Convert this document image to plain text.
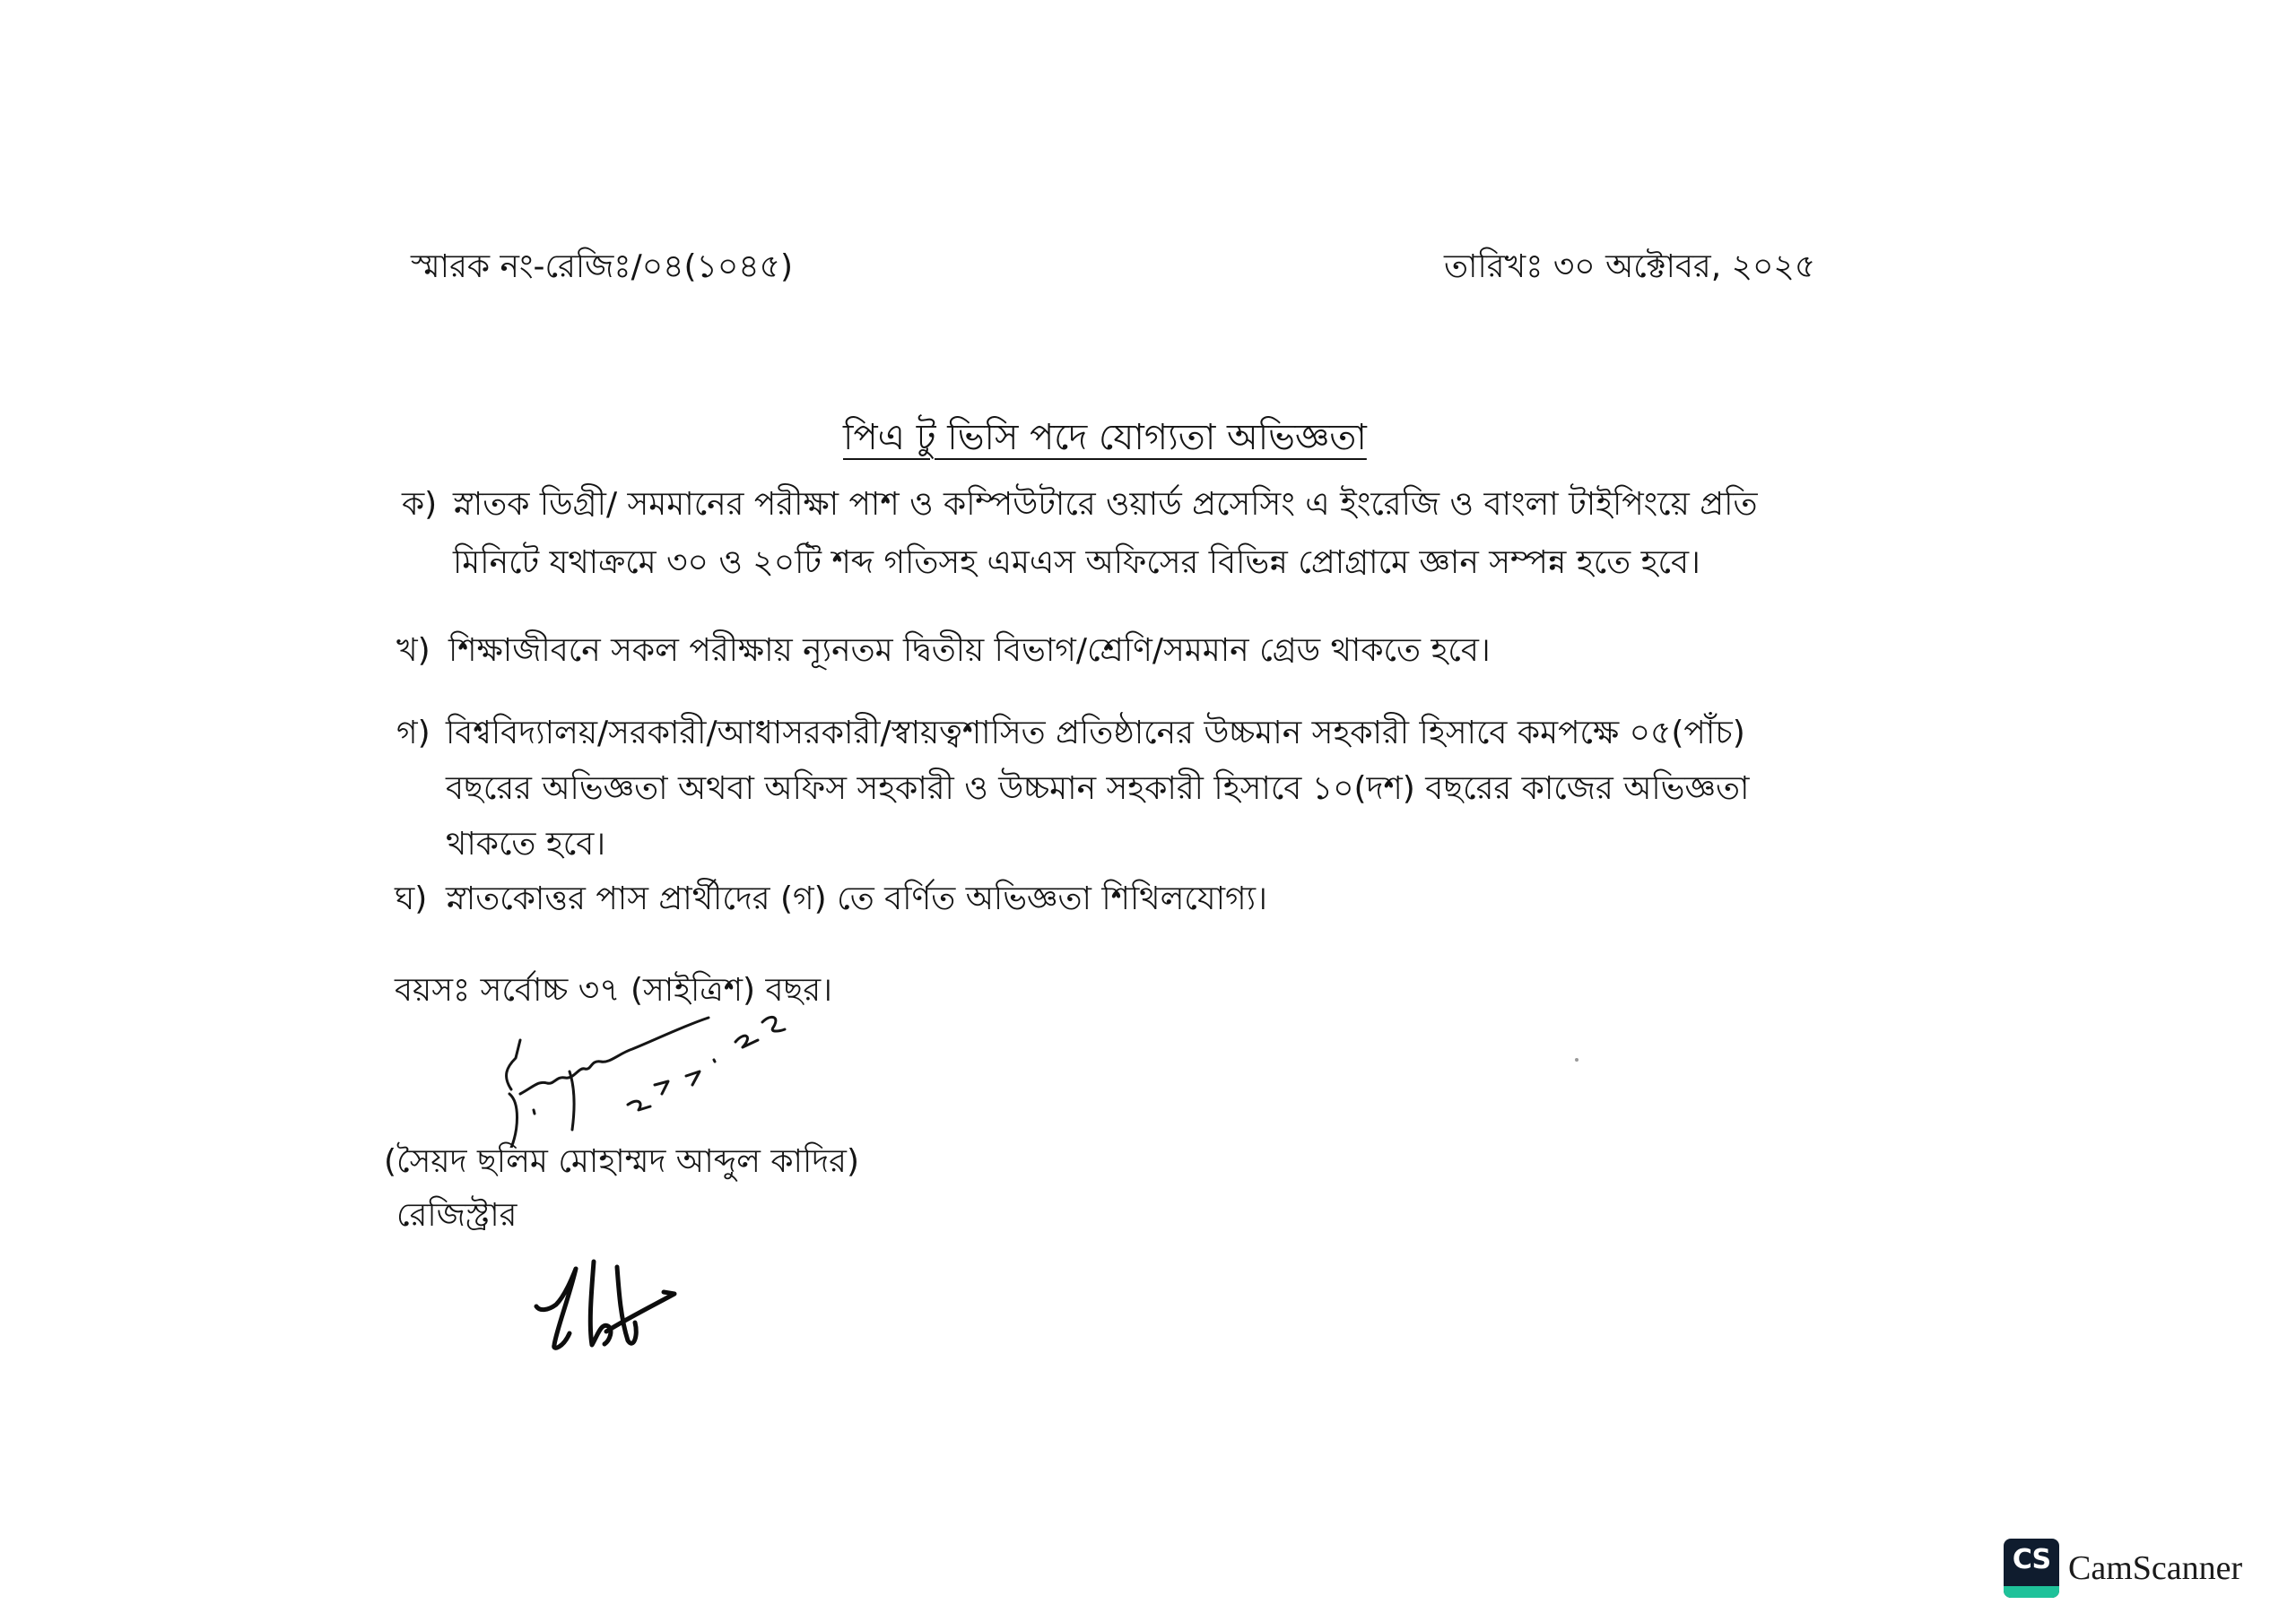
স্মারক নং-রেজিঃ/০৪(১০৪৫)	তারিখঃ ৩০ অক্টোবর, ২০২৫
পিএ টু ভিসি পদে যোগ্যতা অভিজ্ঞতা
ক) স্নাতক ডিগ্রী/ সমমানের পরীক্ষা পাশ ও কম্পিউটারে ওয়ার্ড প্রসেসিং এ ইংরেজি ও বাংলা টাইপিংয়ে প্রতি
মিনিটে যথাক্রমে ৩০ ও ২০টি শব্দ গতিসহ এমএস অফিসের বিভিন্ন প্রোগ্রামে জ্ঞান সম্পন্ন হতে হবে।
খ) শিক্ষাজীবনে সকল পরীক্ষায় ন্যূনতম দ্বিতীয় বিভাগ/শ্রেণি/সমমান গ্রেড থাকতে হবে।
গ) বিশ্ববিদ্যালয়/সরকারী/আধাসরকারী/স্বায়ত্বশাসিত প্রতিষ্ঠানের উচ্চমান সহকারী হিসাবে কমপক্ষে ০৫(পাঁচ)
বছরের অভিজ্ঞতা অথবা অফিস সহকারী ও উচ্চমান সহকারী হিসাবে ১০(দশ) বছরের কাজের অভিজ্ঞতা
থাকতে হবে।
ঘ) স্নাতকোত্তর পাস প্রার্থীদের (গ) তে বর্ণিত অভিজ্ঞতা শিথিলযোগ্য।
বয়সঃ সর্বোচ্চ ৩৭ (সাইত্রিশ) বছর।
(সৈয়দ ছলিম মোহাম্মদ আব্দুল কাদির)
রেজিস্ট্রার
CS CamScanner
